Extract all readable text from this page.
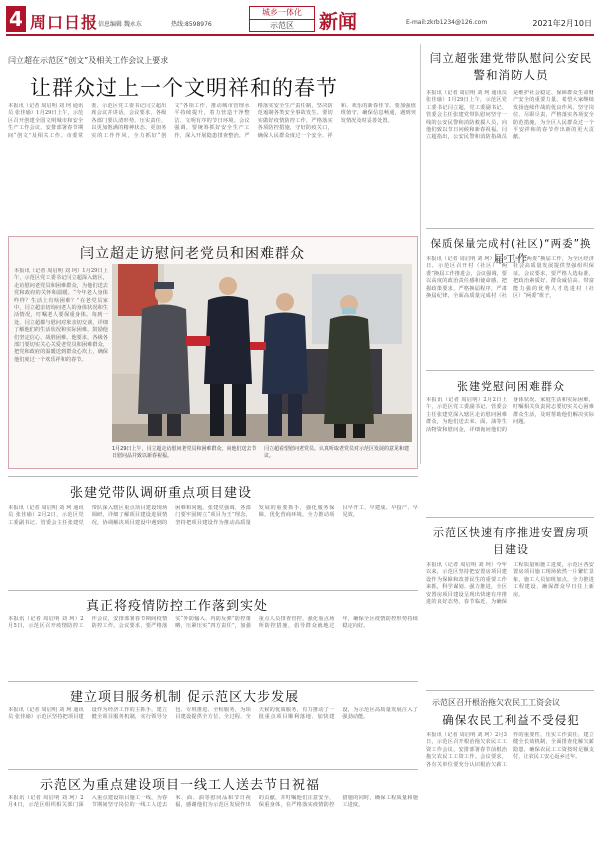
4 周口日报 信息编辑 魏永东	热线:8598976
城乡一体化
示范区	新闻	E-mail:zkrb1234@126.com	2021年2月10日
闫立超在示范区“创文”及相关工作会议上要求
让群众过上一个文明祥和的春节
本报讯（记者 周启明 刘 珂 通讯员 张佳瑜）1月29日上午，示范区召开创建全国文明城市和安全生产工作会议，安排部署春节期间“创文”及相关工作。市委常委、示范区党工委书记闫立超出席会议并讲话。会议要求，各级各部门要认清形势、压实责任，以更加饱满的精神状态、更加务实的工作作风，全力抓好“创文”各项工作，推动城市管理水平持续提升，着力营造干净整洁、文明有序的节日环境。会议强调，要统筹抓好安全生产工作，深入开展隐患排查整治，严格落实安全生产责任制，坚决防范遏制各类安全事故发生。要切实做好疫情防控工作，严格落实各项防控措施，守好防疫关口，确保人民群众度过一个安全、祥和、欢乐的新春佳节。要加强值班值守，确保信息畅通，遇到突发情况及时妥善处置。
闫立超走访慰问老党员和困难群众
本报讯（记者 周启明 刘 珂）1月29日上午，示范区党工委书记闫立超深入辖区，走访慰问老党员和困难群众，为他们送去党和政府的关怀和温暖。“今年老人身体咋样？生活上有啥困难？”在老党员家中，闫立超亲切询问老人的身体状况和生活情况，叮嘱老人要保重身体。每到一处，闫立超都与慰问对象亲切交谈，详细了解他们的生活状况和实际困难，鼓励他们坚定信心、战胜困难。他要求，各级各部门要切实关心关爱老党员和困难群众，把党和政府的温暖送到群众心坎上，确保他们度过一个欢乐祥和的春节。
1月29日上午，闫立超走访慰问老党员和困难群众，向他们送去节日慰问品并致以新春祝福。
闫立超看望慰问老党员。认真听取老党员对示范区发展的意见和建议。
闫立超张建党带队慰问公安民警和消防人员
本报讯（记者 周启明 刘 珂 通讯员 张佳瑜）1月29日上午，示范区党工委书记闫立超，党工委副书记、管委会主任张建党带队慰问坚守一线的公安民警和消防救援人员，向他们致以节日问候和新春祝福。闫立超指出，公安民警和消防指战员是维护社会稳定、保障群众生命财产安全的重要力量。希望大家继续发扬连续作战的优良作风，坚守岗位、尽职尽责，严格落实各项安全防范措施，为全区人民群众过一个平安祥和的春节作出新的更大贡献。
保质保量完成村(社区)“两委”换届工作
本报讯（记者 周启明 刘 珂）2月9日，示范区召开村（社区）“两委”换届工作推进会，会议强调，要以高度的政治责任感和使命感，把握政策要求，严格换届程序，严肃换届纪律，全面高质量完成村（社区）“两委”换届工作，为全区经济社会高质量发展提供坚强组织保证。会议要求，要严格人选标准，把政治素质好、群众威信高、带富能力强的优秀人才选进村（社区）“两委”班子。
张建党慰问困难群众
本报讯（记者 周启明）2月2日上午，示范区党工委副书记、管委会主任张建党深入辖区走访慰问困难群众，为他们送去米、面、油等生活物资和慰问金，详细询问他们的身体状况、家庭生活和实际困难，叮嘱相关负责同志要切实关心困难群众生活，及时帮助他们解决实际问题。
示范区快速有序推进安置房项目建设
本报讯（记者 周启明 刘 珂）今年以来，示范区坚持把安置房项目建设作为保障和改善民生的重要工作来抓，科学谋划、强力推进，全区安置房项目建设呈现出快速有序推进的良好态势。春节临近，为确保工程质量和施工进度，示范区各安置房项目施工现场依然一片繁忙景象，施工人员加班加点，全力推进工程建设，确保群众早日住上新房。
示范区召开根治拖欠农民工工资会议
确保农民工利益不受侵犯
本报讯（记者 周启明 刘 珂）2月3日，示范区召开根治拖欠农民工工资工作会议，安排部署春节前根治拖欠农民工工资工作。会议要求，各有关单位要充分认识根治欠薪工作的重要性，压实工作责任，建立健全长效机制，全面排查化解欠薪隐患，确保农民工工资按时足额支付，让农民工安心返乡过年。
张建党带队调研重点项目建设
本报讯（记者 周启明 刘 珂 通讯员 张佳瑜）2月2日，示范区党工委副书记、管委会主任张建党带队深入辖区重点项目建设现场调研，详细了解项目建设进展情况，协调解决项目建设中遇到的困难和问题。张建党强调，各部门要牢固树立“项目为王”理念，坚持把项目建设作为推动高质量发展的重要抓手，强化服务保障，优化营商环境，全力推动项目早开工、早建成、早投产、早见效。
真正将疫情防控工作落到实处
本报讯（记者 周启明 刘 珂）2月5日，示范区召开疫情防控工作会议，安排部署春节期间疫情防控工作。会议要求，要严格落实“外防输入、内防反弹”防控策略，压紧压实“四方责任”，加强重点人员排查管控，强化重点场所防控措施，倡导群众就地过年，确保全区疫情防控形势持续稳定向好。
建立项目服务机制 促示范区大步发展
本报讯（记者 周启明 刘 珂 通讯员 张佳瑜）示范区坚持把项目建设作为经济工作的主抓手，建立健全项目服务机制，实行领导分包、专班推进、全程服务，为项目建设提供全方位、全过程、全天候的优质服务，有力推动了一批重点项目顺利落地、加快建设，为示范区高质量发展注入了强劲动能。
示范区为重点建设项目一线工人送去节日祝福
本报讯（记者 周启明 刘 珂）2月4日，示范区组织相关部门深入重点建设项目施工一线，为春节期间坚守岗位的一线工人送去米、面、油等慰问品和节日祝福，感谢他们为示范区发展作出的贡献，并叮嘱他们注意安全、保重身体，在严格落实疫情防控措施的同时，确保工程质量和施工进度。
